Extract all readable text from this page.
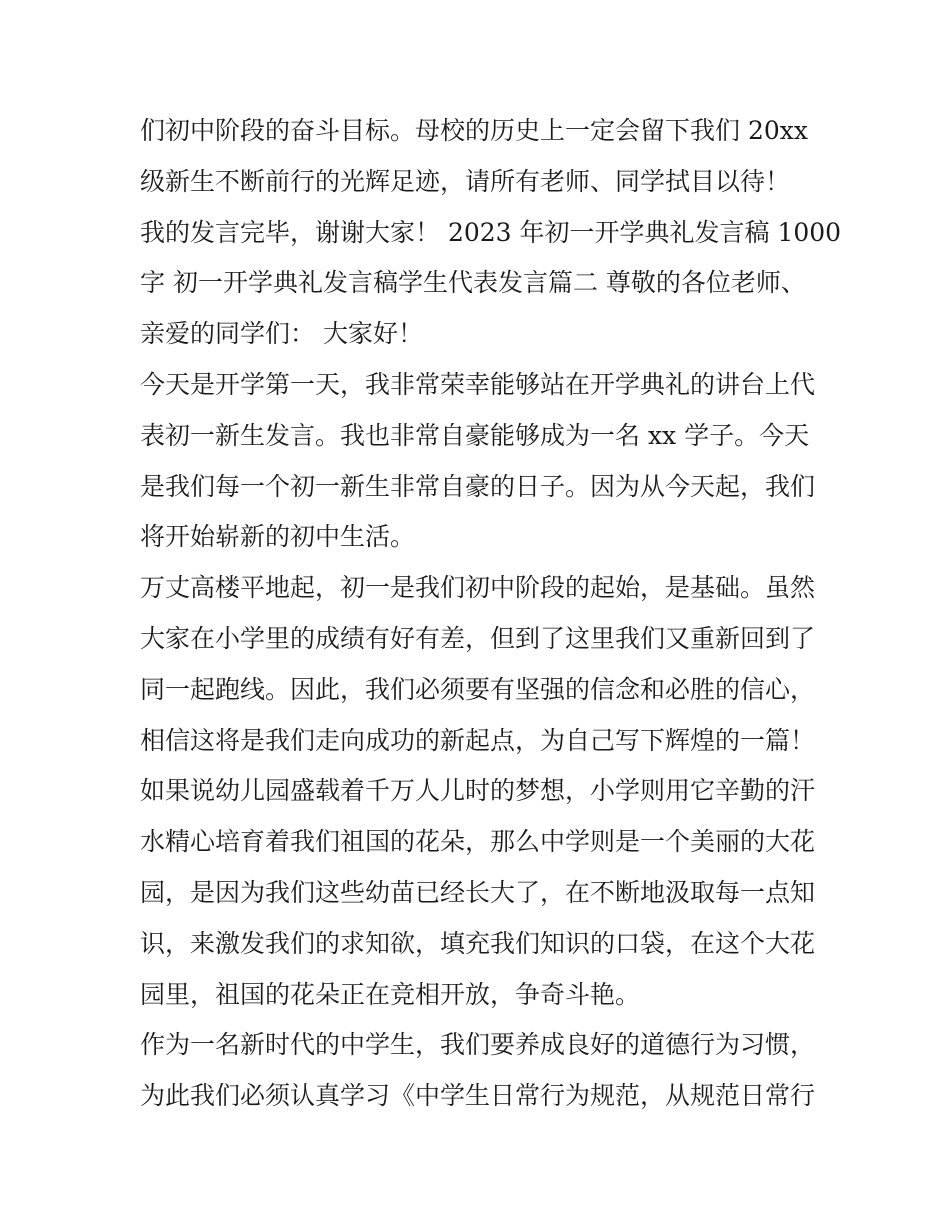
们初中阶段的奋斗目标。母校的历史上一定会留下我们 20xx
级新生不断前行的光辉足迹，请所有老师、同学拭目以待！
我的发言完毕，谢谢大家！ 2023 年初一开学典礼发言稿 1000
字 初一开学典礼发言稿学生代表发言篇二 尊敬的各位老师、
亲爱的同学们： 大家好！
今天是开学第一天，我非常荣幸能够站在开学典礼的讲台上代
表初一新生发言。我也非常自豪能够成为一名 xx 学子。今天
是我们每一个初一新生非常自豪的日子。因为从今天起，我们
将开始崭新的初中生活。
万丈高楼平地起，初一是我们初中阶段的起始，是基础。虽然
大家在小学里的成绩有好有差，但到了这里我们又重新回到了
同一起跑线。因此，我们必须要有坚强的信念和必胜的信心，
相信这将是我们走向成功的新起点，为自己写下辉煌的一篇！
如果说幼儿园盛载着千万人儿时的梦想，小学则用它辛勤的汗
水精心培育着我们祖国的花朵，那么中学则是一个美丽的大花
园，是因为我们这些幼苗已经长大了，在不断地汲取每一点知
识，来激发我们的求知欲，填充我们知识的口袋，在这个大花
园里，祖国的花朵正在竞相开放，争奇斗艳。
作为一名新时代的中学生，我们要养成良好的道德行为习惯，
为此我们必须认真学习《中学生日常行为规范，从规范日常行
